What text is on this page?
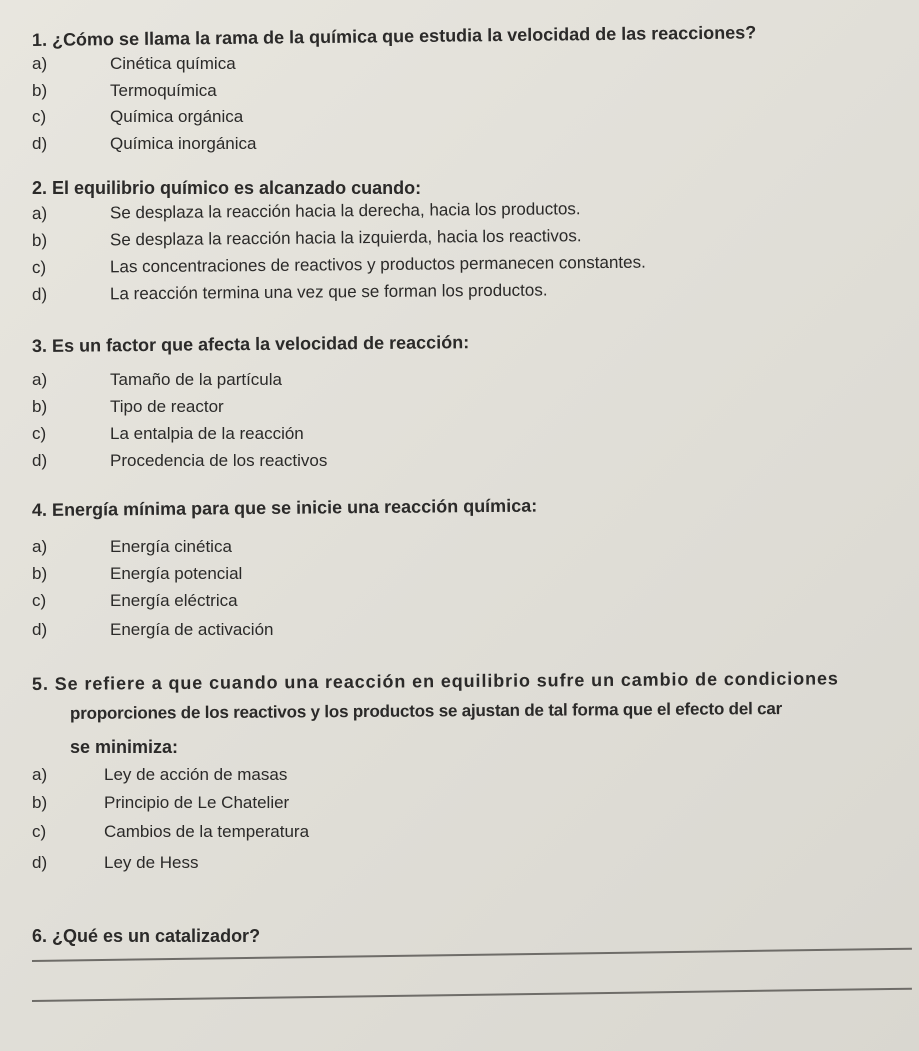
1. ¿Cómo se llama la rama de la química que estudia la velocidad de las reacciones?
a)	Cinética química
b)	Termoquímica
c)	Química orgánica
d)	Química inorgánica
2. El equilibrio químico es alcanzado cuando:
a)	Se desplaza la reacción hacia la derecha, hacia los productos.
b)	Se desplaza la reacción hacia la izquierda, hacia los reactivos.
c)	Las concentraciones de reactivos y productos permanecen constantes.
d)	La reacción termina una vez que se forman los productos.
3. Es un factor que afecta la velocidad de reacción:
a)	Tamaño de la partícula
b)	Tipo de reactor
c)	La entalpia de la reacción
d)	Procedencia de los reactivos
4. Energía mínima para que se inicie una reacción química:
a)	Energía cinética
b)	Energía potencial
c)	Energía eléctrica
d)	Energía de activación
5. Se refiere a que cuando una reacción en equilibrio sufre un cambio de condiciones
proporciones de los reactivos y los productos se ajustan de tal forma que el efecto del car
se minimiza:
a)	Ley de acción de masas
b)	Principio de Le Chatelier
c)	Cambios de la temperatura
d)	Ley de Hess
6. ¿Qué es un catalizador?
